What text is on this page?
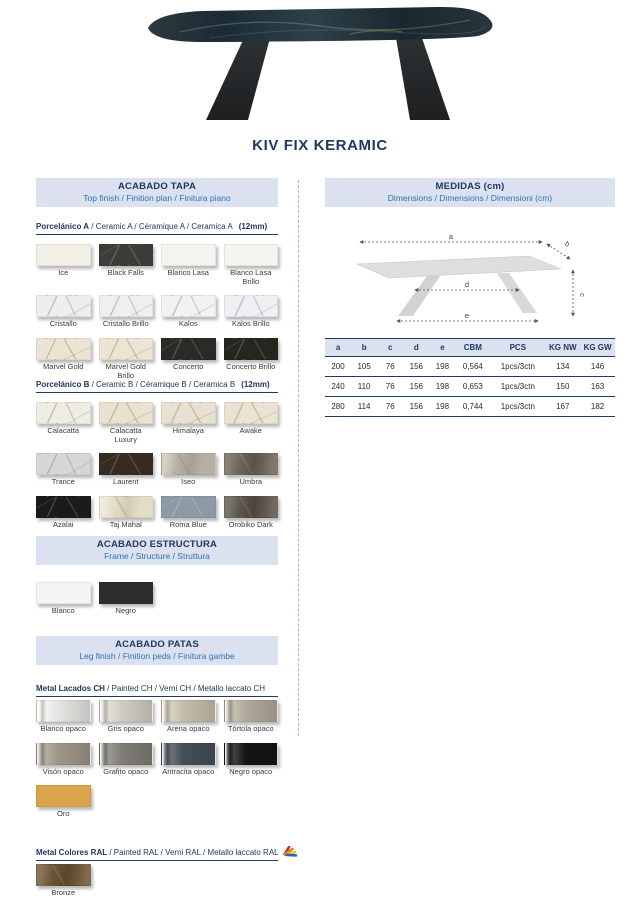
KIV FIX KERAMIC
ACABADO TAPA
Top finish / Finition plan / Finitura piano
Porcelánico A / Ceramic A / Céramique A / Ceramica A (12mm)
Ice	Black Falls	Blanco Lasa	Blanco Lasa Brillo
Cristallo	Cristallo Brillo	Kalos	Kalos Brillo
Marvel Gold	Marvel Gold Brillo
Concerto	Concerto Brillo
Porcelánico B / Ceramic B / Céramique B / Ceramica B (12mm)
Calacatta	Calacatta Luxury
Himalaya	Awake
Trance	Laurent	Iseo	Umbra
Azalai	Taj Mahal	Roma Blue	Orobiko Dark
ACABADO ESTRUCTURA
Frame / Structure / Struttura
Blanco	Negro
ACABADO PATAS
Leg finish / Finition peds / Finitura gambe
Metal Lacados CH / Painted CH / Verni CH / Metallo laccato CH
Blanco opaco	Gris opaco	Arena opaco	Tórtola opaco
Visón opaco	Grafito opaco	Antracita opaco	Negro opaco
Oro
Metal Colores RAL / Painted RAL / Verni RAL / Metallo laccato RAL
Bronze
MEDIDAS (cm)
Dimensions / Dimensions / Dimensioni (cm)
a
b
c
d
e
a	b	c	d	e	CBM	PCS	KG NW	KG GW
200	105	76	156	198	0,564	1pcs/3ctn	134	146
240	110	76	156	198	0,653	1pcs/3ctn	150	163
280	114	76	156	198	0,744	1pcs/3ctn	167	182
